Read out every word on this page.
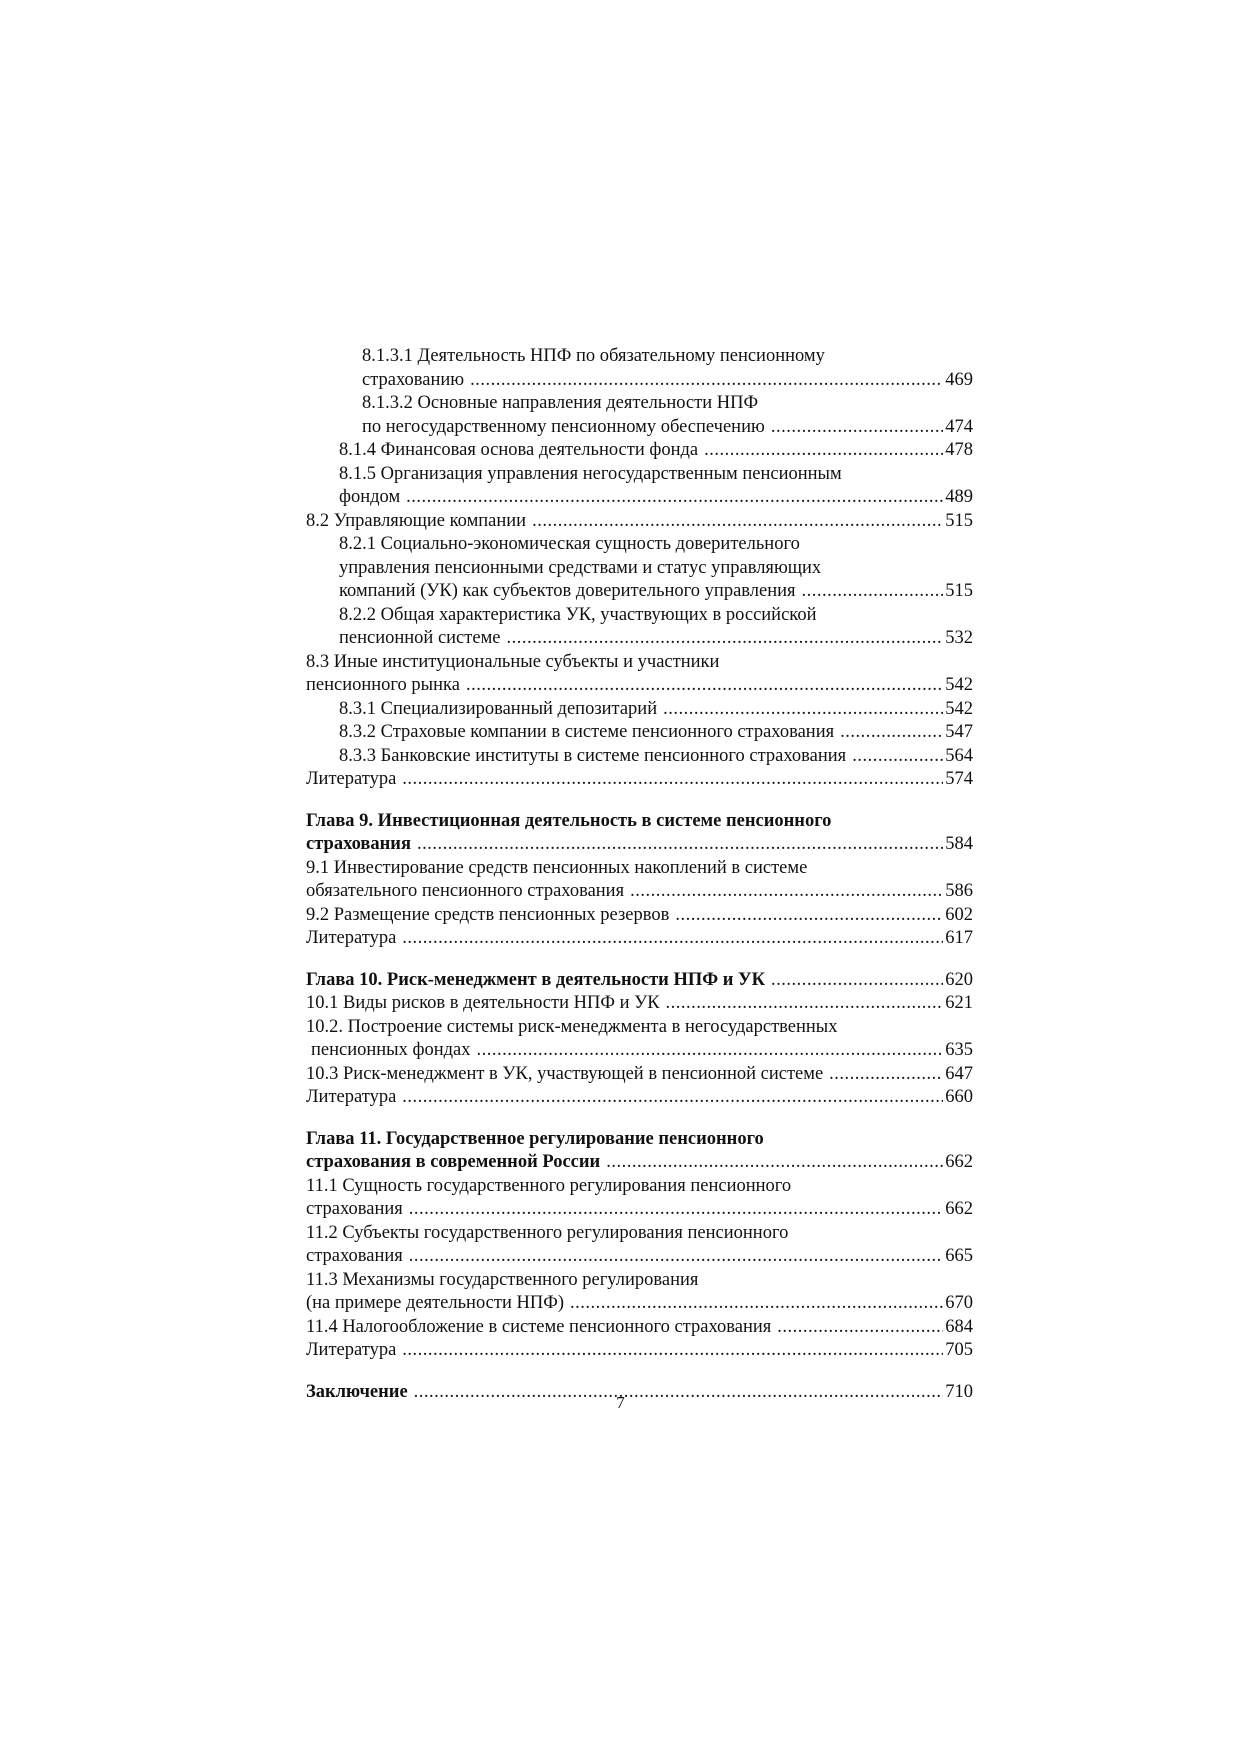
8.1.3.1 Деятельность НПФ по обязательному пенсионному
страхованию .....	469
8.1.3.2 Основные направления деятельности НПФ
по негосударственному пенсионному обеспечению .....	474
8.1.4 Финансовая основа деятельности фонда .....	478
8.1.5 Организация управления негосударственным пенсионным
фондом .....	489
8.2 Управляющие компании .....	515
8.2.1 Социально-экономическая сущность доверительного
управления пенсионными средствами и статус управляющих
компаний (УК) как субъектов доверительного управления .....	515
8.2.2 Общая характеристика УК, участвующих в российской
пенсионной системе .....	532
8.3 Иные институциональные субъекты и участники
пенсионного рынка .....	542
8.3.1 Специализированный депозитарий .....	542
8.3.2 Страховые компании в системе пенсионного страхования .....	547
8.3.3 Банковские институты в системе пенсионного страхования .....	564
Литература .....	574
Глава 9. Инвестиционная деятельность в системе пенсионного
страхования .....	584
9.1 Инвестирование средств пенсионных накоплений в системе
обязательного пенсионного страхования .....	586
9.2 Размещение средств пенсионных резервов .....	602
Литература .....	617
Глава 10. Риск-менеджмент в деятельности НПФ и УК .....	620
10.1 Виды рисков в деятельности НПФ и УК .....	621
10.2. Построение системы риск-менеджмента в негосударственных
пенсионных фондах .....	635
10.3 Риск-менеджмент в УК, участвующей в пенсионной системе .....	647
Литература .....	660
Глава 11. Государственное регулирование пенсионного
страхования в современной России .....	662
11.1 Сущность государственного регулирования пенсионного
страхования .....	662
11.2 Субъекты государственного регулирования пенсионного
страхования .....	665
11.3 Механизмы государственного регулирования
(на примере деятельности НПФ) .....	670
11.4 Налогообложение в системе пенсионного страхования .....	684
Литература .....	705
Заключение .....	710
7
